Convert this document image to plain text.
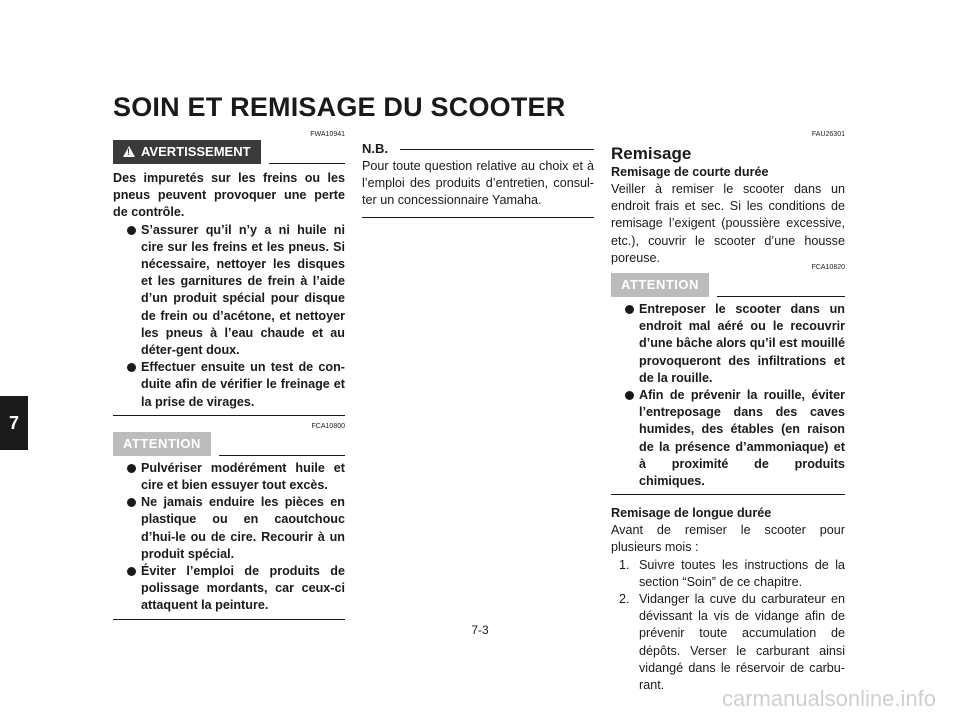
SOIN ET REMISAGE DU SCOOTER
7
FWA10941
! AVERTISSEMENT

Des impuretés sur les freins ou les pneus peuvent provoquer une perte de contrôle.

S’assurer qu’il n’y a ni huile ni cire sur les freins et les pneus. Si nécessaire, nettoyer les disques et les garnitures de frein à l’aide d’un produit spécial pour disque de frein ou d’acétone, et nettoyer les pneus à l’eau chaude et au déter-gent doux.
Effectuer ensuite un test de con-duite afin de vérifier le freinage et la prise de virages.
FCA10800
ATTENTION
Pulvériser modérément huile et cire et bien essuyer tout excès.
Ne jamais enduire les pièces en plastique ou en caoutchouc d’hui-le ou de cire. Recourir à un produit spécial.
Éviter l’emploi de produits de polissage mordants, car ceux-ci attaquent la peinture.
N.B.

Pour toute question relative au choix et à l’emploi des produits d’entretien, consul-ter un concessionnaire Yamaha.

FAU26301
Remisage
Remisage de courte durée

Veiller à remiser le scooter dans un endroit frais et sec. Si les conditions de remisage l’exigent (poussière excessive, etc.), couvrir le scooter d’une housse poreuse.

FCA10820
ATTENTION
Entreposer le scooter dans un endroit mal aéré ou le recouvrir d’une bâche alors qu’il est mouillé provoqueront des infiltrations et de la rouille.
Afin de prévenir la rouille, éviter l’entreposage dans des caves humides, des étables (en raison de la présence d’ammoniaque) et à proximité de produits chimiques.
Remisage de longue durée

Avant de remiser le scooter pour plusieurs mois :

1. Suivre toutes les instructions de la section “Soin” de ce chapitre.
2. Vidanger la cuve du carburateur en dévissant la vis de vidange afin de prévenir toute accumulation de dépôts. Verser le carburant ainsi vidangé dans le réservoir de carbu-rant.
7-3
carmanualsonline.info
